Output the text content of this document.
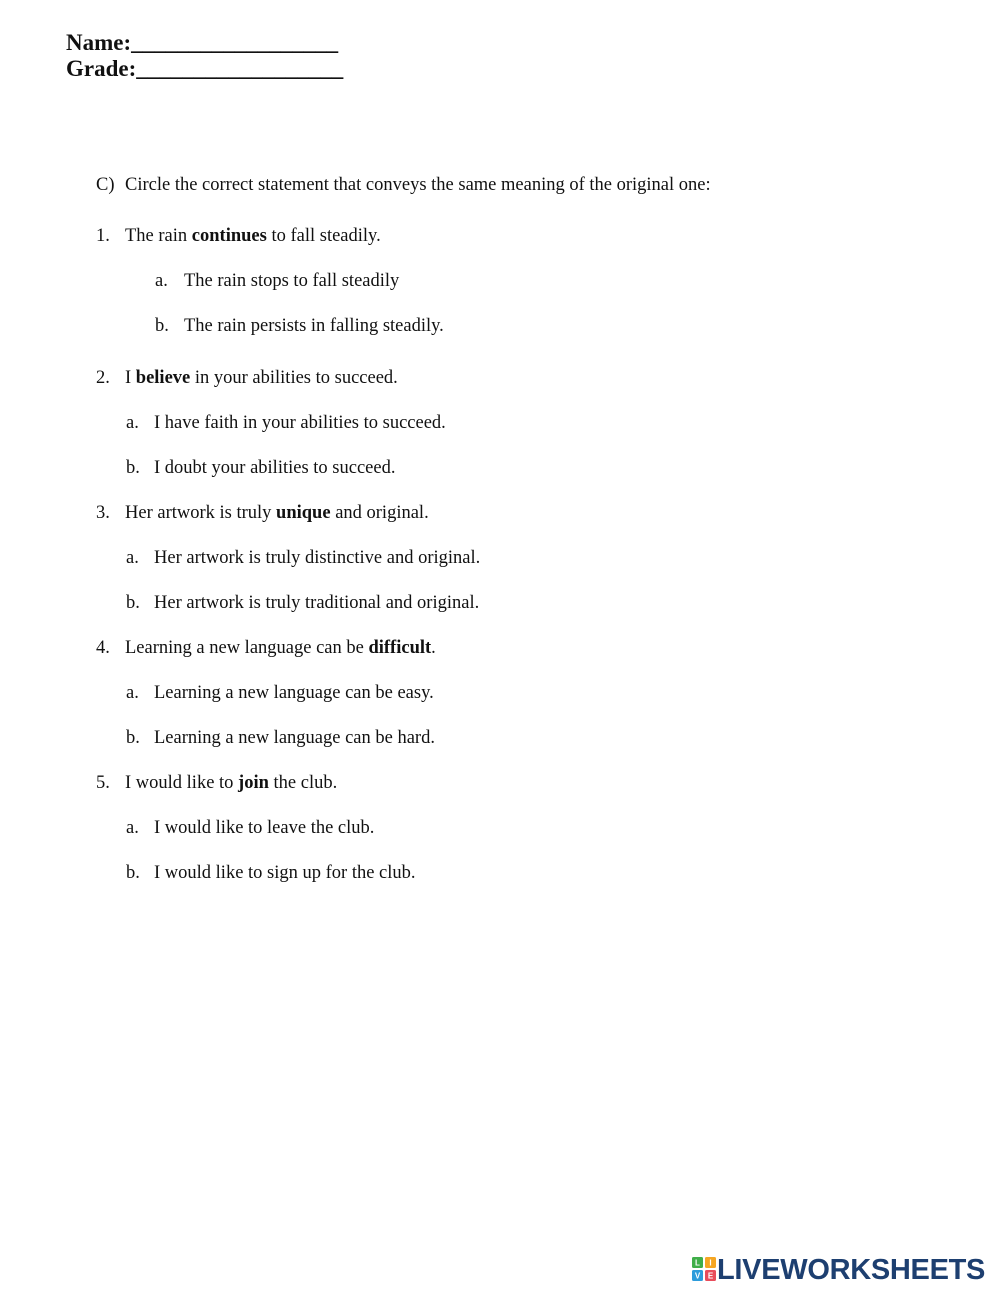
Name:__________________
Grade:__________________
C) Circle the correct statement that conveys the same meaning of the original one:
1. The rain continues to fall steadily.
a. The rain stops to fall steadily
b. The rain persists in falling steadily.
2. I believe in your abilities to succeed.
a. I have faith in your abilities to succeed.
b. I doubt your abilities to succeed.
3. Her artwork is truly unique and original.
a. Her artwork is truly distinctive and original.
b. Her artwork is truly traditional and original.
4. Learning a new language can be difficult.
a. Learning a new language can be easy.
b. Learning a new language can be hard.
5. I would like to join the club.
a. I would like to leave the club.
b. I would like to sign up for the club.
L I
V E LIVEWORKSHEETS
